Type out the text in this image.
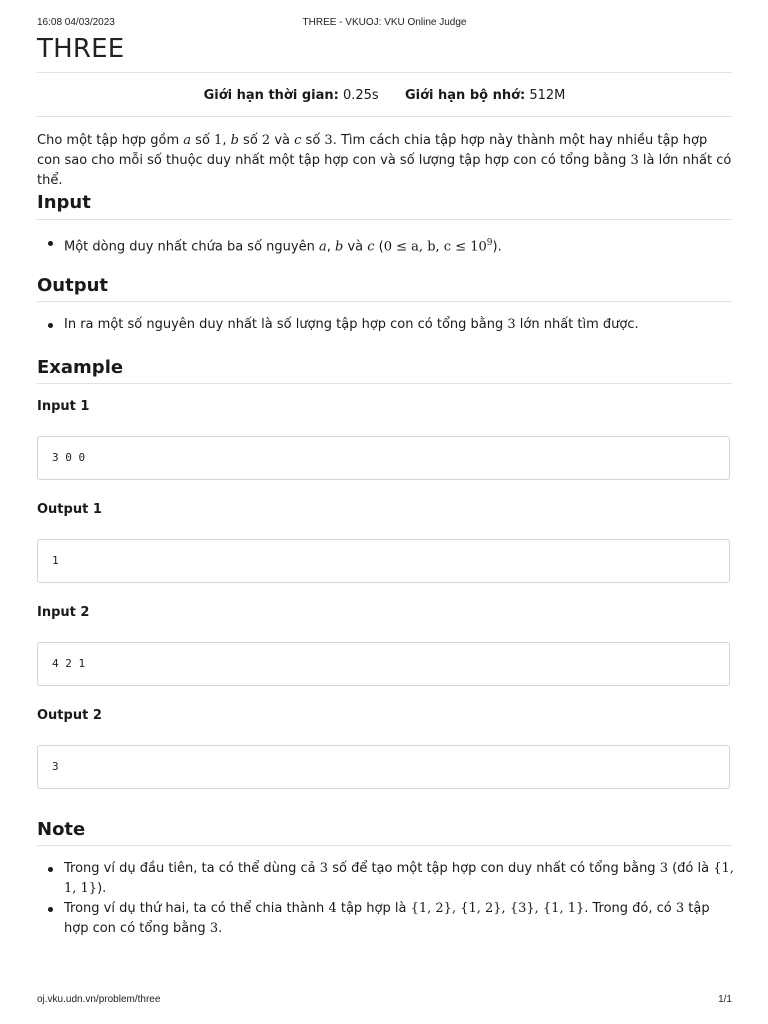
16:08 04/03/2023	THREE - VKUOJ: VKU Online Judge
THREE
Giới hạn thời gian: 0.25s Giới hạn bộ nhớ: 512M

Cho một tập hợp gồm a số 1, b số 2 và c số 3. Tìm cách chia tập hợp này thành một hay nhiều tập hợp con sao cho mỗi số thuộc duy nhất một tập hợp con và số lượng tập hợp con có tổng bằng 3 là lớn nhất có thể.

Input
Một dòng duy nhất chứa ba số nguyên a, b và c (0 ≤ a, b, $c \le 10^9$).
Output
In ra một số nguyên duy nhất là số lượng tập hợp con có tổng bằng 3 lớn nhất tìm được.
Example
Input 1
3 0 0
Output 1
1
Input 2
4 2 1
Output 2
3
Note
Trong ví dụ đầu tiên, ta có thể dùng cả 3 số để tạo một tập hợp con duy nhất có tổng bằng 3 (đó là {1, 1, 1}).
Trong ví dụ thứ hai, ta có thể chia thành 4 tập hợp là {1, 2}, {1, 2}, {3}, {1, 1}. Trong đó, có 3 tập hợp con có tổng bằng 3.
oj.vku.udn.vn/problem/three	1/1
